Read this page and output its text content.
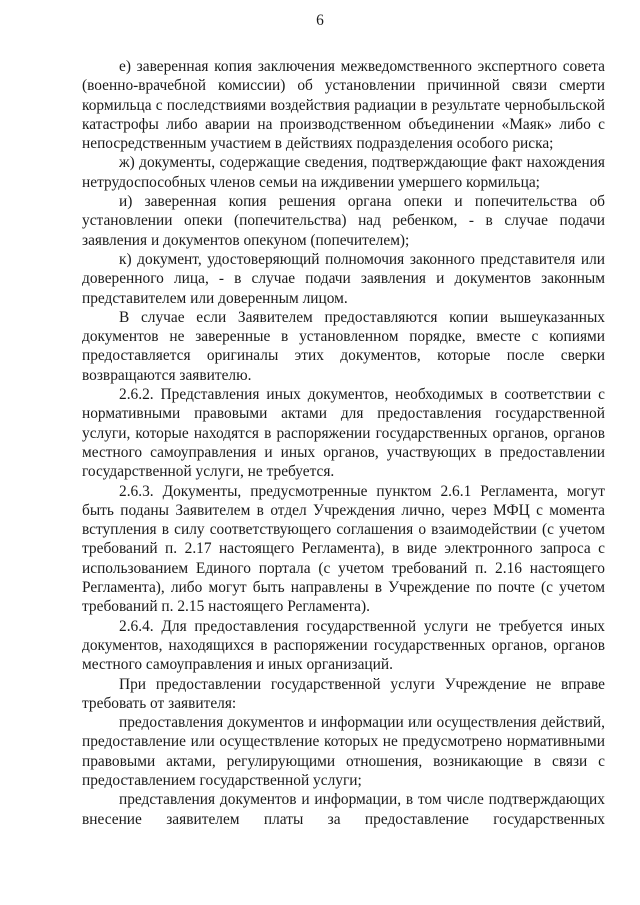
6

е) заверенная копия заключения межведомственного экспертного совета (военно-врачебной комиссии) об установлении причинной связи смерти кормильца с последствиями воздействия радиации в результате чернобыльской катастрофы либо аварии на производственном объединении «Маяк» либо с непосредственным участием в действиях подразделения особого риска;

ж) документы, содержащие сведения, подтверждающие факт нахождения нетрудоспособных членов семьи на иждивении умершего кормильца;

и) заверенная копия решения органа опеки и попечительства об установлении опеки (попечительства) над ребенком, - в случае подачи заявления и документов опекуном (попечителем);

к) документ, удостоверяющий полномочия законного представителя или доверенного лица, - в случае подачи заявления и документов законным представителем или доверенным лицом.

В случае если Заявителем предоставляются копии вышеуказанных документов не заверенные в установленном порядке, вместе с копиями предоставляется оригиналы этих документов, которые после сверки возвращаются заявителю.

2.6.2. Представления иных документов, необходимых в соответствии с нормативными правовыми актами для предоставления государственной услуги, которые находятся в распоряжении государственных органов, органов местного самоуправления и иных органов, участвующих в предоставлении государственной услуги, не требуется.

2.6.3. Документы, предусмотренные пунктом 2.6.1 Регламента, могут быть поданы Заявителем в отдел Учреждения лично, через МФЦ с момента вступления в силу соответствующего соглашения о взаимодействии (с учетом требований п. 2.17 настоящего Регламента), в виде электронного запроса с использованием Единого портала (с учетом требований п. 2.16 настоящего Регламента), либо могут быть направлены в Учреждение по почте (с учетом требований п. 2.15 настоящего Регламента).

2.6.4. Для предоставления государственной услуги не требуется иных документов, находящихся в распоряжении государственных органов, органов местного самоуправления и иных организаций.

При предоставлении государственной услуги Учреждение не вправе требовать от заявителя:

предоставления документов и информации или осуществления действий, предоставление или осуществление которых не предусмотрено нормативными правовыми актами, регулирующими отношения, возникающие в связи с предоставлением государственной услуги;

представления документов и информации, в том числе подтверждающих внесение заявителем платы за предоставление государственных
